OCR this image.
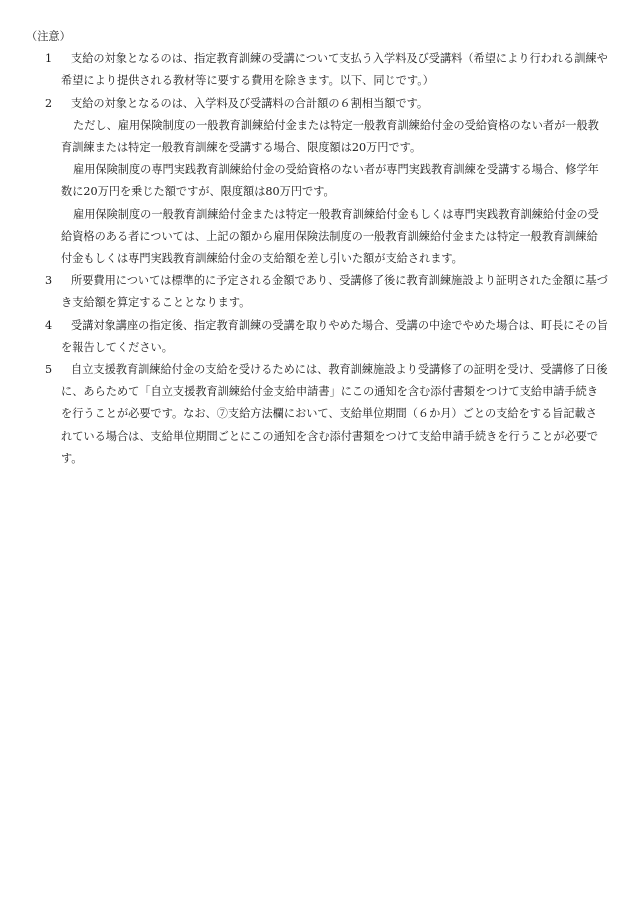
（注意）

1	支給の対象となるのは、指定教育訓練の受講について支払う入学料及び受講料（希望により行われる訓練や希望により提供される教材等に要する費用を除きます。以下、同じです。）

2	支給の対象となるのは、入学料及び受講料の合計額の６割相当額です。

ただし、雇用保険制度の一般教育訓練給付金または特定一般教育訓練給付金の受給資格のない者が一般教育訓練または特定一般教育訓練を受講する場合、限度額は20万円です。

雇用保険制度の専門実践教育訓練給付金の受給資格のない者が専門実践教育訓練を受講する場合、修学年数に20万円を乗じた額ですが、限度額は80万円です。

雇用保険制度の一般教育訓練給付金または特定一般教育訓練給付金もしくは専門実践教育訓練給付金の受給資格のある者については、上記の額から雇用保険法制度の一般教育訓練給付金または特定一般教育訓練給付金もしくは専門実践教育訓練給付金の支給額を差し引いた額が支給されます。

3	所要費用については標準的に予定される金額であり、受講修了後に教育訓練施設より証明された金額に基づき支給額を算定することとなります。

4	受講対象講座の指定後、指定教育訓練の受講を取りやめた場合、受講の中途でやめた場合は、町長にその旨を報告してください。

5	自立支援教育訓練給付金の支給を受けるためには、教育訓練施設より受講修了の証明を受け、受講修了日後に、あらためて「自立支援教育訓練給付金支給申請書」にこの通知を含む添付書類をつけて支給申請手続きを行うことが必要です。なお、⑦支給方法欄において、支給単位期間（６か月）ごとの支給をする旨記載されている場合は、支給単位期間ごとにこの通知を含む添付書類をつけて支給申請手続きを行うことが必要です。
